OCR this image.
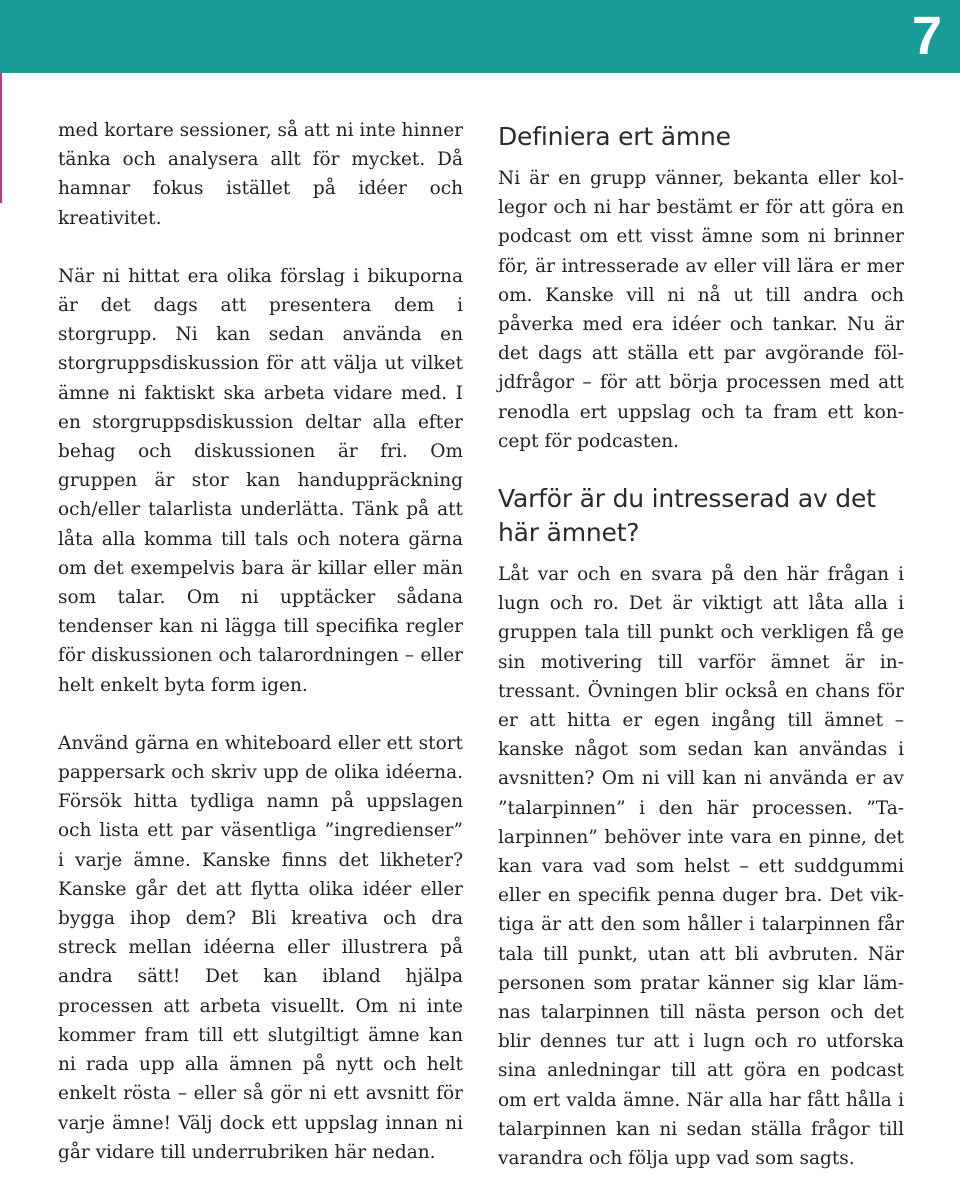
7

med kortare sessioner, så att ni inte hinner tänka och analysera allt för mycket. Då hamnar fokus istället på idéer och kreativitet.

När ni hittat era olika förslag i bikuporna är det dags att presentera dem i storgrupp. Ni kan sedan använda en storgruppsdiskussion för att välja ut vilket ämne ni faktiskt ska arbeta vidare med. I en storgruppsdiskussion deltar alla efter behag och diskussionen är fri. Om gruppen är stor kan handuppräckning och/eller talarlista underlätta. Tänk på att låta alla komma till tals och notera gärna om det exempelvis bara är killar eller män som talar. Om ni upptäcker sådana tendenser kan ni lägga till specifika regler för diskussionen och talarordningen – eller helt enkelt byta form igen.

Använd gärna en whiteboard eller ett stort pappersark och skriv upp de olika idéerna. Försök hitta tydliga namn på uppslagen och lista ett par väsentliga ”ingredienser” i varje ämne. Kanske finns det likheter? Kanske går det att flytta olika idéer eller bygga ihop dem? Bli kreativa och dra streck mellan idéerna eller illustrera på andra sätt! Det kan ibland hjälpa processen att arbeta visuellt. Om ni inte kommer fram till ett slutgiltigt ämne kan ni rada upp alla ämnen på nytt och helt enkelt rösta – eller så gör ni ett avsnitt för varje ämne! Välj dock ett uppslag innan ni går vidare till underrubriken här nedan.

Definiera ert ämne

Ni är en grupp vänner, bekanta eller kollegor och ni har bestämt er för att göra en podcast om ett visst ämne som ni brinner för, är intresserade av eller vill lära er mer om. Kanske vill ni nå ut till andra och påverka med era idéer och tankar. Nu är det dags att ställa ett par avgörande följdfrågor – för att börja processen med att renodla ert uppslag och ta fram ett koncept för podcasten.

Varför är du intresserad av det här ämnet?

Låt var och en svara på den här frågan i lugn och ro. Det är viktigt att låta alla i gruppen tala till punkt och verkligen få ge sin motivering till varför ämnet är intressant. Övningen blir också en chans för er att hitta er egen ingång till ämnet – kanske något som sedan kan användas i avsnitten? Om ni vill kan ni använda er av ”talarpinnen” i den här processen. ”Talarpinnen” behöver inte vara en pinne, det kan vara vad som helst – ett suddgummi eller en specifik penna duger bra. Det viktiga är att den som håller i talarpinnen får tala till punkt, utan att bli avbruten. När personen som pratar känner sig klar lämnas talarpinnen till nästa person och det blir dennes tur att i lugn och ro utforska sina anledningar till att göra en podcast om ert valda ämne. När alla har fått hålla i talarpinnen kan ni sedan ställa frågor till varandra och följa upp vad som sagts.
